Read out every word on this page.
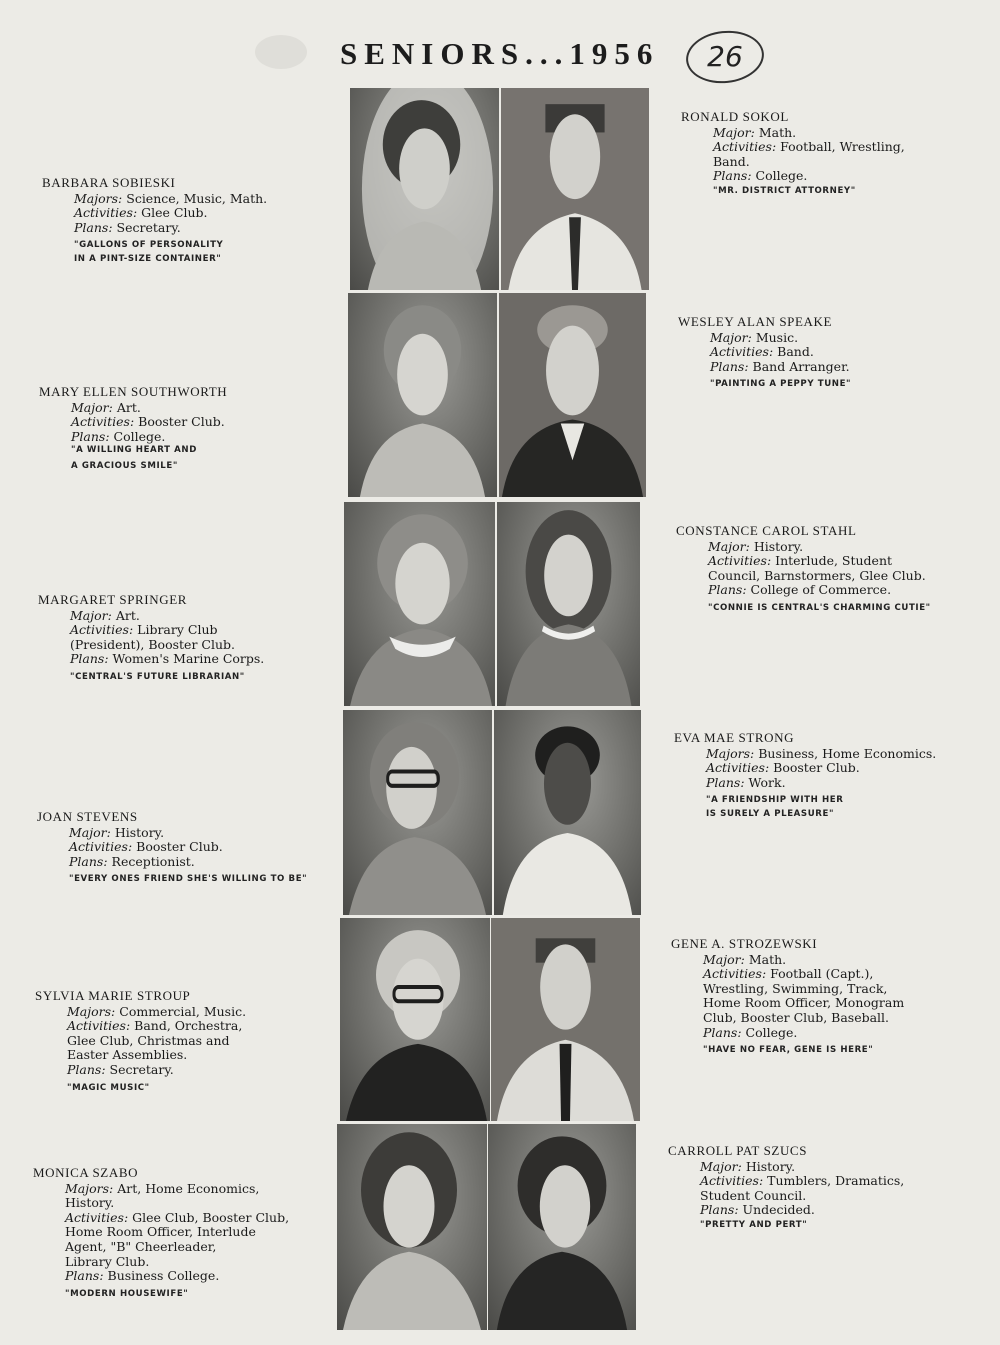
SENIORS...1956	26
BARBARA SOBIESKI
Majors: Science, Music, Math.
Activities: Glee Club.
Plans: Secretary.
"GALLONS OF PERSONALITY
IN A PINT-SIZE CONTAINER"
MARY ELLEN SOUTHWORTH
Major: Art.
Activities: Booster Club.
Plans: College.
"A WILLING HEART AND
A GRACIOUS SMILE"
MARGARET SPRINGER
Major: Art.
Activities: Library Club
(President), Booster Club.
Plans: Women's Marine Corps.
"CENTRAL'S FUTURE LIBRARIAN"
JOAN STEVENS
Major: History.
Activities: Booster Club.
Plans: Receptionist.
"EVERY ONES FRIEND SHE'S WILLING TO BE"
SYLVIA MARIE STROUP
Majors: Commercial, Music.
Activities: Band, Orchestra,
Glee Club, Christmas and
Easter Assemblies.
Plans: Secretary.
"MAGIC MUSIC"
MONICA SZABO
Majors: Art, Home Economics,
History.
Activities: Glee Club, Booster Club,
Home Room Officer, Interlude
Agent, "B" Cheerleader,
Library Club.
Plans: Business College.
"MODERN HOUSEWIFE"
RONALD SOKOL
Major: Math.
Activities: Football, Wrestling,
Band.
Plans: College.
"MR. DISTRICT ATTORNEY"
WESLEY ALAN SPEAKE
Major: Music.
Activities: Band.
Plans: Band Arranger.
"PAINTING A PEPPY TUNE"
CONSTANCE CAROL STAHL
Major: History.
Activities: Interlude, Student
Council, Barnstormers, Glee Club.
Plans: College of Commerce.
"CONNIE IS CENTRAL'S CHARMING CUTIE"
EVA MAE STRONG
Majors: Business, Home Economics.
Activities: Booster Club.
Plans: Work.
"A FRIENDSHIP WITH HER
IS SURELY A PLEASURE"
GENE A. STROZEWSKI
Major: Math.
Activities: Football (Capt.),
Wrestling, Swimming, Track,
Home Room Officer, Monogram
Club, Booster Club, Baseball.
Plans: College.
"HAVE NO FEAR, GENE IS HERE"
CARROLL PAT SZUCS
Major: History.
Activities: Tumblers, Dramatics,
Student Council.
Plans: Undecided.
"PRETTY AND PERT"
